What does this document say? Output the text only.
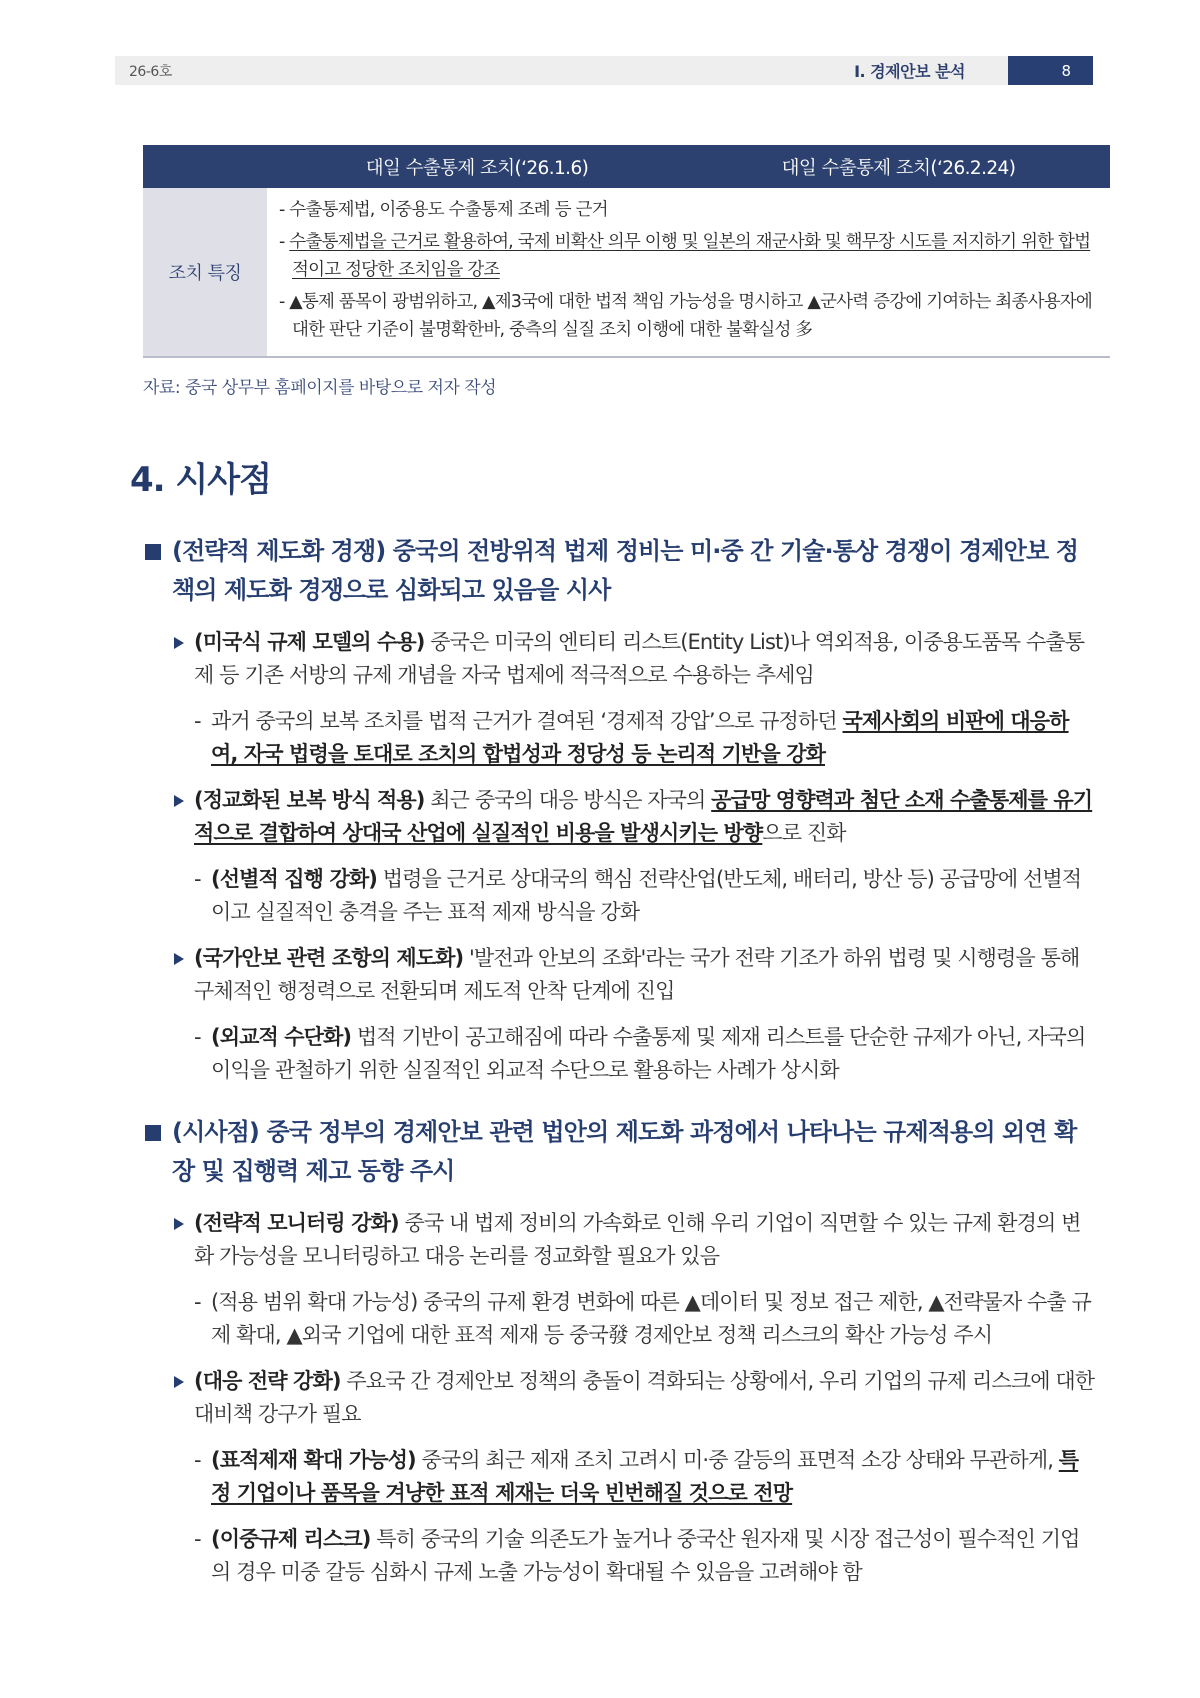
26-6호	Ⅰ. 경제안보 분석	8
대일 수출통제 조치(‘26.1.6)	대일 수출통제 조치(‘26.2.24)
조치 특징
- 수출통제법, 이중용도 수출통제 조례 등 근거
- 수출통제법을 근거로 활용하여, 국제 비확산 의무 이행 및 일본의 재군사화 및 핵무장 시도를 저지하기 위한 합법적이고 정당한 조치임을 강조
- ▲통제 품목이 광범위하고, ▲제3국에 대한 법적 책임 가능성을 명시하고 ▲군사력 증강에 기여하는 최종사용자에 대한 판단 기준이 불명확한바, 중측의 실질 조치 이행에 대한 불확실성 多
자료: 중국 상무부 홈페이지를 바탕으로 저자 작성
4. 시사점
(전략적 제도화 경쟁) 중국의 전방위적 법제 정비는 미·중 간 기술·통상 경쟁이 경제안보 정책의 제도화 경쟁으로 심화되고 있음을 시사
(미국식 규제 모델의 수용) 중국은 미국의 엔티티 리스트(Entity List)나 역외적용, 이중용도품목 수출통제 등 기존 서방의 규제 개념을 자국 법제에 적극적으로 수용하는 추세임
- 과거 중국의 보복 조치를 법적 근거가 결여된 ‘경제적 강압’으로 규정하던 국제사회의 비판에 대응하여, 자국 법령을 토대로 조치의 합법성과 정당성 등 논리적 기반을 강화
(정교화된 보복 방식 적용) 최근 중국의 대응 방식은 자국의 공급망 영향력과 첨단 소재 수출통제를 유기적으로 결합하여 상대국 산업에 실질적인 비용을 발생시키는 방향으로 진화
- (선별적 집행 강화) 법령을 근거로 상대국의 핵심 전략산업(반도체, 배터리, 방산 등) 공급망에 선별적이고 실질적인 충격을 주는 표적 제재 방식을 강화
(국가안보 관련 조항의 제도화) '발전과 안보의 조화'라는 국가 전략 기조가 하위 법령 및 시행령을 통해 구체적인 행정력으로 전환되며 제도적 안착 단계에 진입
- (외교적 수단화) 법적 기반이 공고해짐에 따라 수출통제 및 제재 리스트를 단순한 규제가 아닌, 자국의 이익을 관철하기 위한 실질적인 외교적 수단으로 활용하는 사례가 상시화
(시사점) 중국 정부의 경제안보 관련 법안의 제도화 과정에서 나타나는 규제적용의 외연 확장 및 집행력 제고 동향 주시
(전략적 모니터링 강화) 중국 내 법제 정비의 가속화로 인해 우리 기업이 직면할 수 있는 규제 환경의 변화 가능성을 모니터링하고 대응 논리를 정교화할 필요가 있음
- (적용 범위 확대 가능성) 중국의 규제 환경 변화에 따른 ▲데이터 및 정보 접근 제한, ▲전략물자 수출 규제 확대, ▲외국 기업에 대한 표적 제재 등 중국發 경제안보 정책 리스크의 확산 가능성 주시
(대응 전략 강화) 주요국 간 경제안보 정책의 충돌이 격화되는 상황에서, 우리 기업의 규제 리스크에 대한 대비책 강구가 필요
- (표적제재 확대 가능성) 중국의 최근 제재 조치 고려시 미·중 갈등의 표면적 소강 상태와 무관하게, 특정 기업이나 품목을 겨냥한 표적 제재는 더욱 빈번해질 것으로 전망
- (이중규제 리스크) 특히 중국의 기술 의존도가 높거나 중국산 원자재 및 시장 접근성이 필수적인 기업의 경우 미중 갈등 심화시 규제 노출 가능성이 확대될 수 있음을 고려해야 함
